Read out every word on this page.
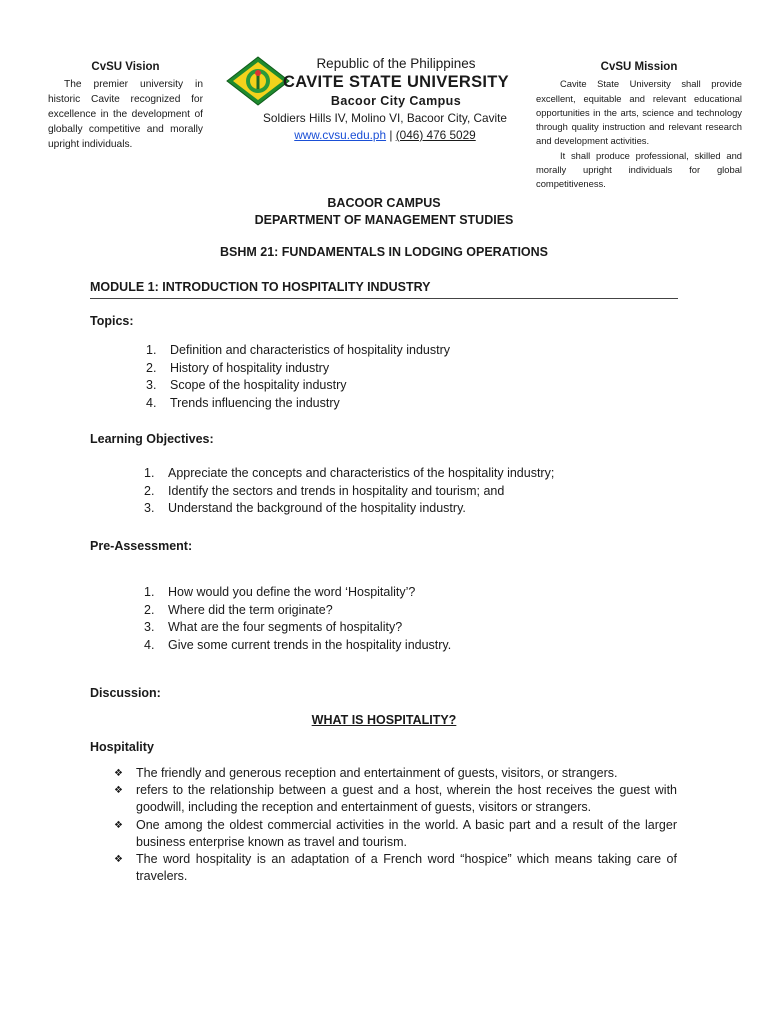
CvSU Vision
The premier university in historic Cavite recognized for excellence in the development of globally competitive and morally upright individuals.
Republic of the Philippines
CAVITE STATE UNIVERSITY
Bacoor City Campus
Soldiers Hills IV, Molino VI, Bacoor City, Cavite
www.cvsu.edu.ph | (046) 476 5029
CvSU Mission

Cavite State University shall provide excellent, equitable and relevant educational opportunities in the arts, science and technology through quality instruction and relevant research and development activities.

It shall produce professional, skilled and morally upright individuals for global competitiveness.

BACOOR CAMPUS
DEPARTMENT OF MANAGEMENT STUDIES
BSHM 21: FUNDAMENTALS IN LODGING OPERATIONS
MODULE 1: INTRODUCTION TO HOSPITALITY INDUSTRY
Topics:
1. Definition and characteristics of hospitality industry
2. History of hospitality industry
3. Scope of the hospitality industry
4. Trends influencing the industry
Learning Objectives:
1. Appreciate the concepts and characteristics of the hospitality industry;
2. Identify the sectors and trends in hospitality and tourism; and
3. Understand the background of the hospitality industry.
Pre-Assessment:
1. How would you define the word ‘Hospitality’?
2. Where did the term originate?
3. What are the four segments of hospitality?
4. Give some current trends in the hospitality industry.
Discussion:
WHAT IS HOSPITALITY?
Hospitality
❖ The friendly and generous reception and entertainment of guests, visitors, or strangers.
❖ refers to the relationship between a guest and a host, wherein the host receives the guest with goodwill, including the reception and entertainment of guests, visitors or strangers.
❖ One among the oldest commercial activities in the world. A basic part and a result of the larger business enterprise known as travel and tourism.
❖ The word hospitality is an adaptation of a French word “hospice” which means taking care of travelers.
